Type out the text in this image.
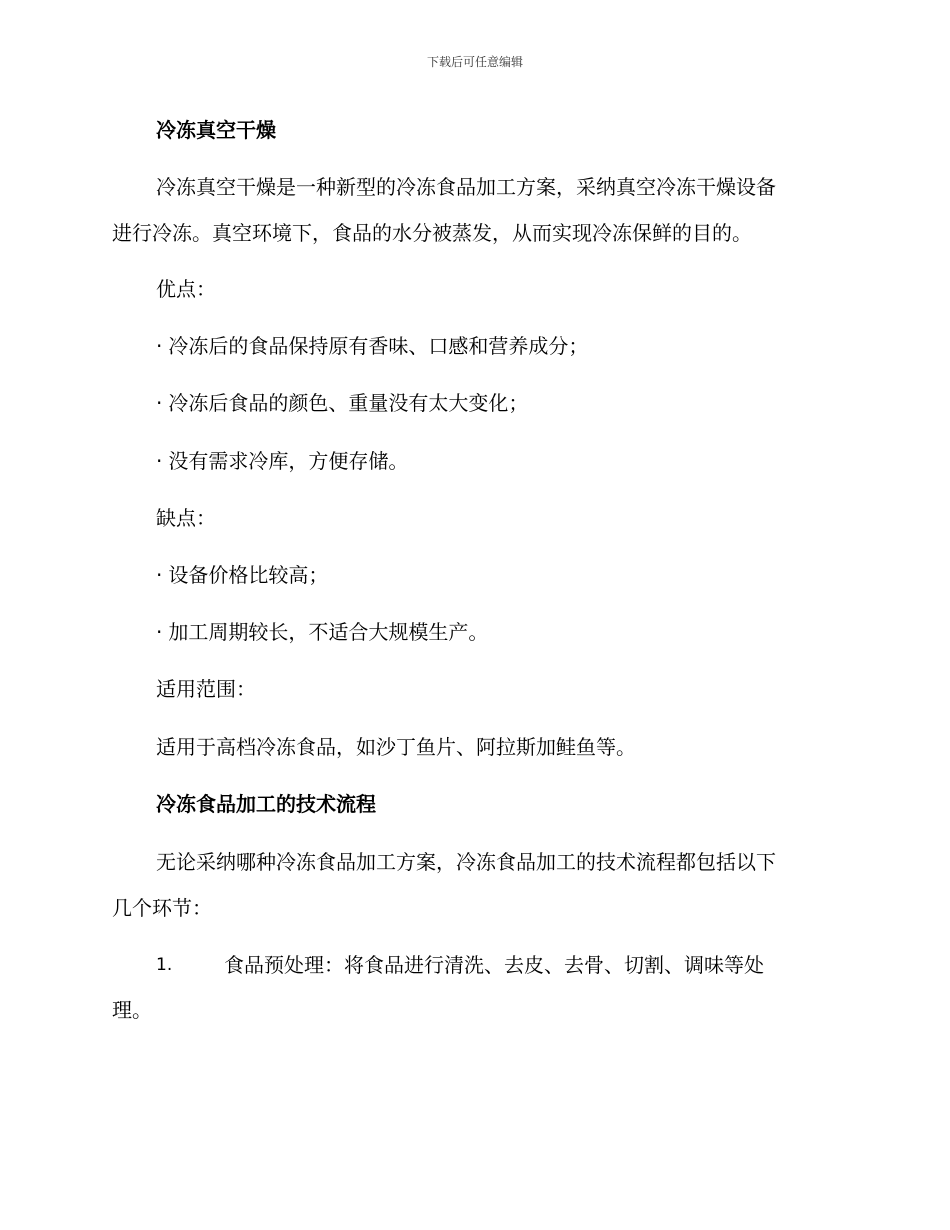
下载后可任意编辑
冷冻真空干燥
冷冻真空干燥是一种新型的冷冻食品加工方案，采纳真空冷冻干燥设备
进行冷冻。真空环境下，食品的水分被蒸发，从而实现冷冻保鲜的目的。
优点：
· 冷冻后的食品保持原有香味、口感和营养成分；
· 冷冻后食品的颜色、重量没有太大变化；
· 没有需求冷库，方便存储。
缺点：
· 设备价格比较高；
· 加工周期较长，不适合大规模生产。
适用范围：
适用于高档冷冻食品，如沙丁鱼片、阿拉斯加鲑鱼等。
冷冻食品加工的技术流程
无论采纳哪种冷冻食品加工方案，冷冻食品加工的技术流程都包括以下
几个环节：
1.	食品预处理：将食品进行清洗、去皮、去骨、切割、调味等处
理。
